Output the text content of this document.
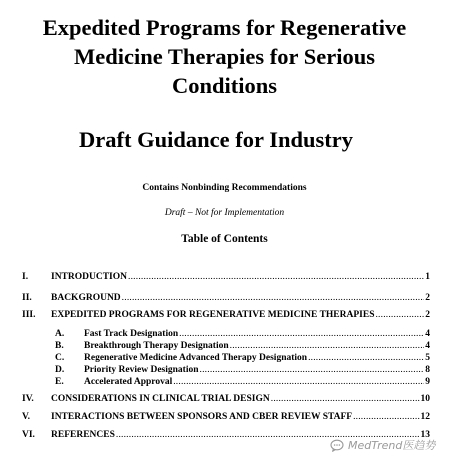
Expedited Programs for Regenerative
Medicine Therapies for Serious
Conditions
Draft Guidance for Industry
Contains Nonbinding Recommendations
Draft – Not for Implementation
Table of Contents
I. INTRODUCTION .....	1
II. BACKGROUND .....	2
III. EXPEDITED PROGRAMS FOR REGENERATIVE MEDICINE THERAPIES .....	2
A. Fast Track Designation .....	4
B. Breakthrough Therapy Designation .....	4
C. Regenerative Medicine Advanced Therapy Designation .....	5
D. Priority Review Designation .....	8
E. Accelerated Approval .....	9
IV. CONSIDERATIONS IN CLINICAL TRIAL DESIGN .....	10
V. INTERACTIONS BETWEEN SPONSORS AND CBER REVIEW STAFF .....	12
VI. REFERENCES .....	13
MedTrend医趋势
